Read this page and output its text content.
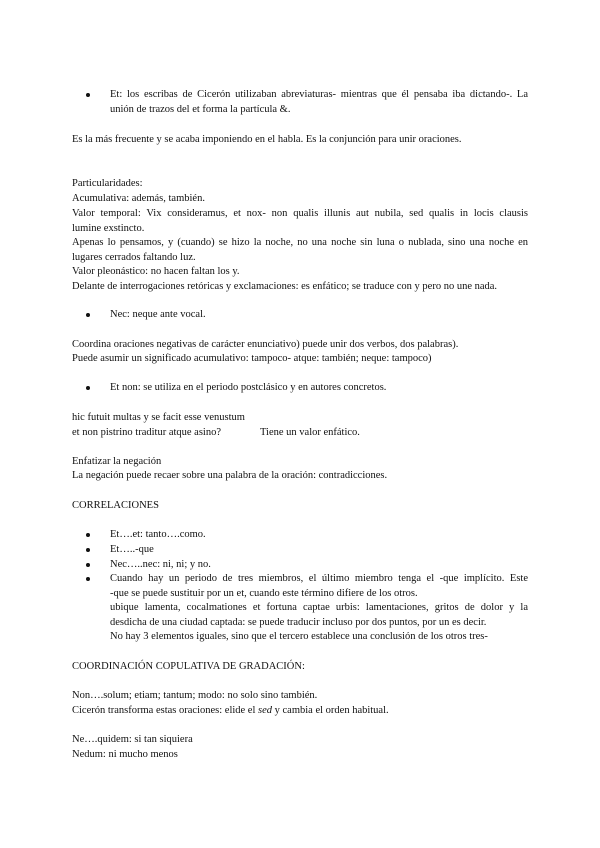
Et: los escribas de Cicerón utilizaban abreviaturas- mientras que él pensaba iba dictando-. La
unión de trazos del et forma la partícula &.
Es la más frecuente y se acaba imponiendo en el habla. Es la conjunción para unir oraciones.
Particularidades:
Acumulativa: además, también.
Valor temporal: Vix consideramus, et nox- non qualis illunis aut nubila, sed qualis in locis clausis
lumine exstincto.
Apenas lo pensamos, y (cuando) se hizo la noche, no una noche sin luna o nublada, sino una noche en
lugares cerrados faltando luz.
Valor pleonástico: no hacen faltan los y.
Delante de interrogaciones retóricas y exclamaciones: es enfático; se traduce con y pero no une nada.
Nec: neque ante vocal.
Coordina oraciones negativas de carácter enunciativo) puede unir dos verbos, dos palabras).
Puede asumir un significado acumulativo: tampoco- atque: también; neque: tampoco)
Et non: se utiliza en el periodo postclásico y en autores concretos.
hic futuit multas y se facit esse venustum
et non pistrino traditur atque asino?	Tiene un valor enfático.
Enfatizar la negación
La negación puede recaer sobre una palabra de la oración: contradicciones.
CORRELACIONES
Et….et: tanto….como.
Et…..-que
Nec…..nec: ni, ni; y no.
Cuando hay un periodo de tres miembros, el último miembro tenga el -que implícito. Este
-que se puede sustituir por un et, cuando este término difiere de los otros.
ubique lamenta, cocalmationes et fortuna captae urbis: lamentaciones, gritos de dolor y la
desdicha de una ciudad captada: se puede traducir incluso por dos puntos, por un es decir.
No hay 3 elementos iguales, sino que el tercero establece una conclusión de los otros tres-
COORDINACIÓN COPULATIVA DE GRADACIÓN:
Non….solum; etiam; tantum; modo: no solo sino también.
Cicerón transforma estas oraciones: elide el sed y cambia el orden habitual.
Ne….quidem: si tan siquiera
Nedum: ni mucho menos
